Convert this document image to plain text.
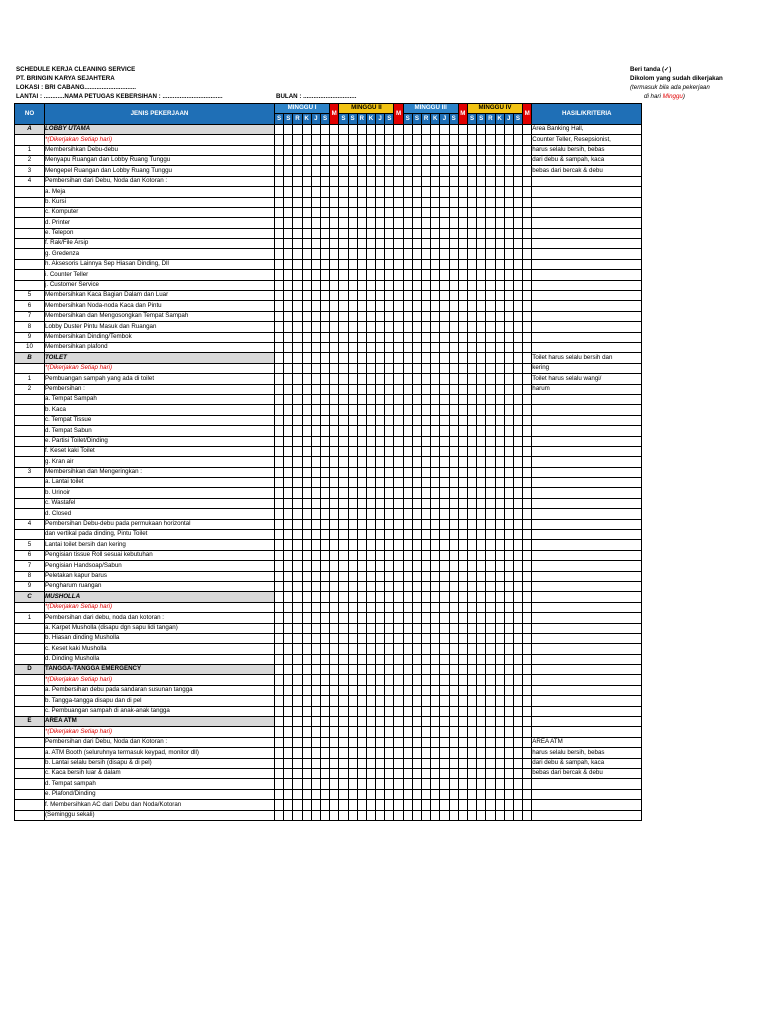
SCHEDULE KERJA CLEANING SERVICE
PT. BRINGIN KARYA SEJAHTERA
LOKASI : BRI CABANG..............................
LANTAI : ............NAMA PETUGAS KEBERSIHAN : ...................................	BULAN : ...............................
Beri tanda (✓)
Dikolom yang sudah dikerjakan
(termasuk bila ada pekerjaan
di hari Minggu)
NO	JENIS PEKERJAAN	MINGGU I						M	MINGGU II						M	MINGGU III						M	MINGGU IV						M	HASIL/KRITERIA
		S	S	R	K	J	S		S	S	R	K	J	S		S	S	R	K	J	S		S	S	R	K	J	S		
A	LOBBY UTAMA																													Area Banking Hall,
	*(Dikerjakan Setiap hari)																													Counter Teller, Resepsionist,
1	Membersihkan Debu-debu																													harus selalu bersih, bebas
2	Menyapu Ruangan dan Lobby Ruang Tunggu																													dari debu & sampah, kaca
3	Mengepel Ruangan dan Lobby Ruang Tunggu																													bebas dari bercak & debu
4	Pembersihan dari Debu, Noda dan Kotoran :																													
	a. Meja																													
	b. Kursi																													
	c. Komputer																													
	d. Printer																													
	e. Telepon																													
	f. Rak/File Arsip																													
	g. Gredenza																													
	h. Aksesoris Lainnya Sep Hiasan Dinding, Dll																													
	i. Counter Teller																													
	j. Customer Service																													
5	Membersihkan Kaca Bagian Dalam dan Luar																													
6	Membersihkan Noda-noda Kaca dan Pintu																													
7	Membersihkan dan Mengosongkan Tempat Sampah																													
8	Lobby Duster Pintu Masuk dan Ruangan																													
9	Membersihkan Dinding/Tembok																													
10	Membersihkan plafond																													
B	TOILET																													Toilet harus selalu bersih dan
	*(Dikerjakan Setiap hari)																													kering
1	Pembuangan sampah yang ada di toilet																													Toilet harus selalu wangi/
2	Pembersihan :																													harum
	a. Tempat Sampah																													
	b. Kaca																													
	c. Tempat Tissue																													
	d. Tempat Sabun																													
	e. Partisi Toilet/Dinding																													
	f. Keset kaki Toilet																													
	g. Kran air																													
3	Membersihkan dan Mengeringkan :																													
	a. Lantai toilet																													
	b. Urinoir																													
	c. Wastafel																													
	d. Closed																													
4	Pembersihan Debu-debu pada permukaan horizontal																													
	dan vertikal pada dinding, Pintu Toilet																													
5	Lantai toilet bersih dan kering																													
6	Pengisian tissue Roll sesuai kebutuhan																													
7	Pengisian Handsoap/Sabun																													
8	Peletakan kapur barus																													
9	Pengharum ruangan																													
C	MUSHOLLA																													
	*(Dikerjakan Setiap hari)																													
1	Pembersihan dari debu, noda dan kotoran :																													
	a. Karpet Musholla (disapu dgn sapu lidi tangan)																													
	b. Hiasan dinding Musholla																													
	c. Keset kaki Musholla																													
	d. Dinding Musholla																													
D	TANGGA-TANGGA EMERGENCY																													
	*(Dikerjakan Setiap hari)																													
	a. Pembersihan debu pada sandaran susunan tangga																													
	b. Tangga-tangga disapu dan di pel																													
	c. Pembuangan sampah di anak-anak tangga																													
E	AREA ATM																													
	*(Dikerjakan Setiap hari)																													
	Pembersihan dari Debu, Noda dan Kotoran :																													AREA ATM
	a. ATM Booth (seluruhnya termasuk keypad, monitor dll)																													harus selalu bersih, bebas
	b. Lantai selalu bersih (disapu & di pel)																													dari debu & sampah, kaca
	c. Kaca bersih luar & dalam																													bebas dari bercak & debu
	d. Tempat sampah																													
	e. Plafond/Dinding																													
	f. Membersihkan AC dari Debu dan Noda/Kotoran																													
	(Seminggu sekali)																													
